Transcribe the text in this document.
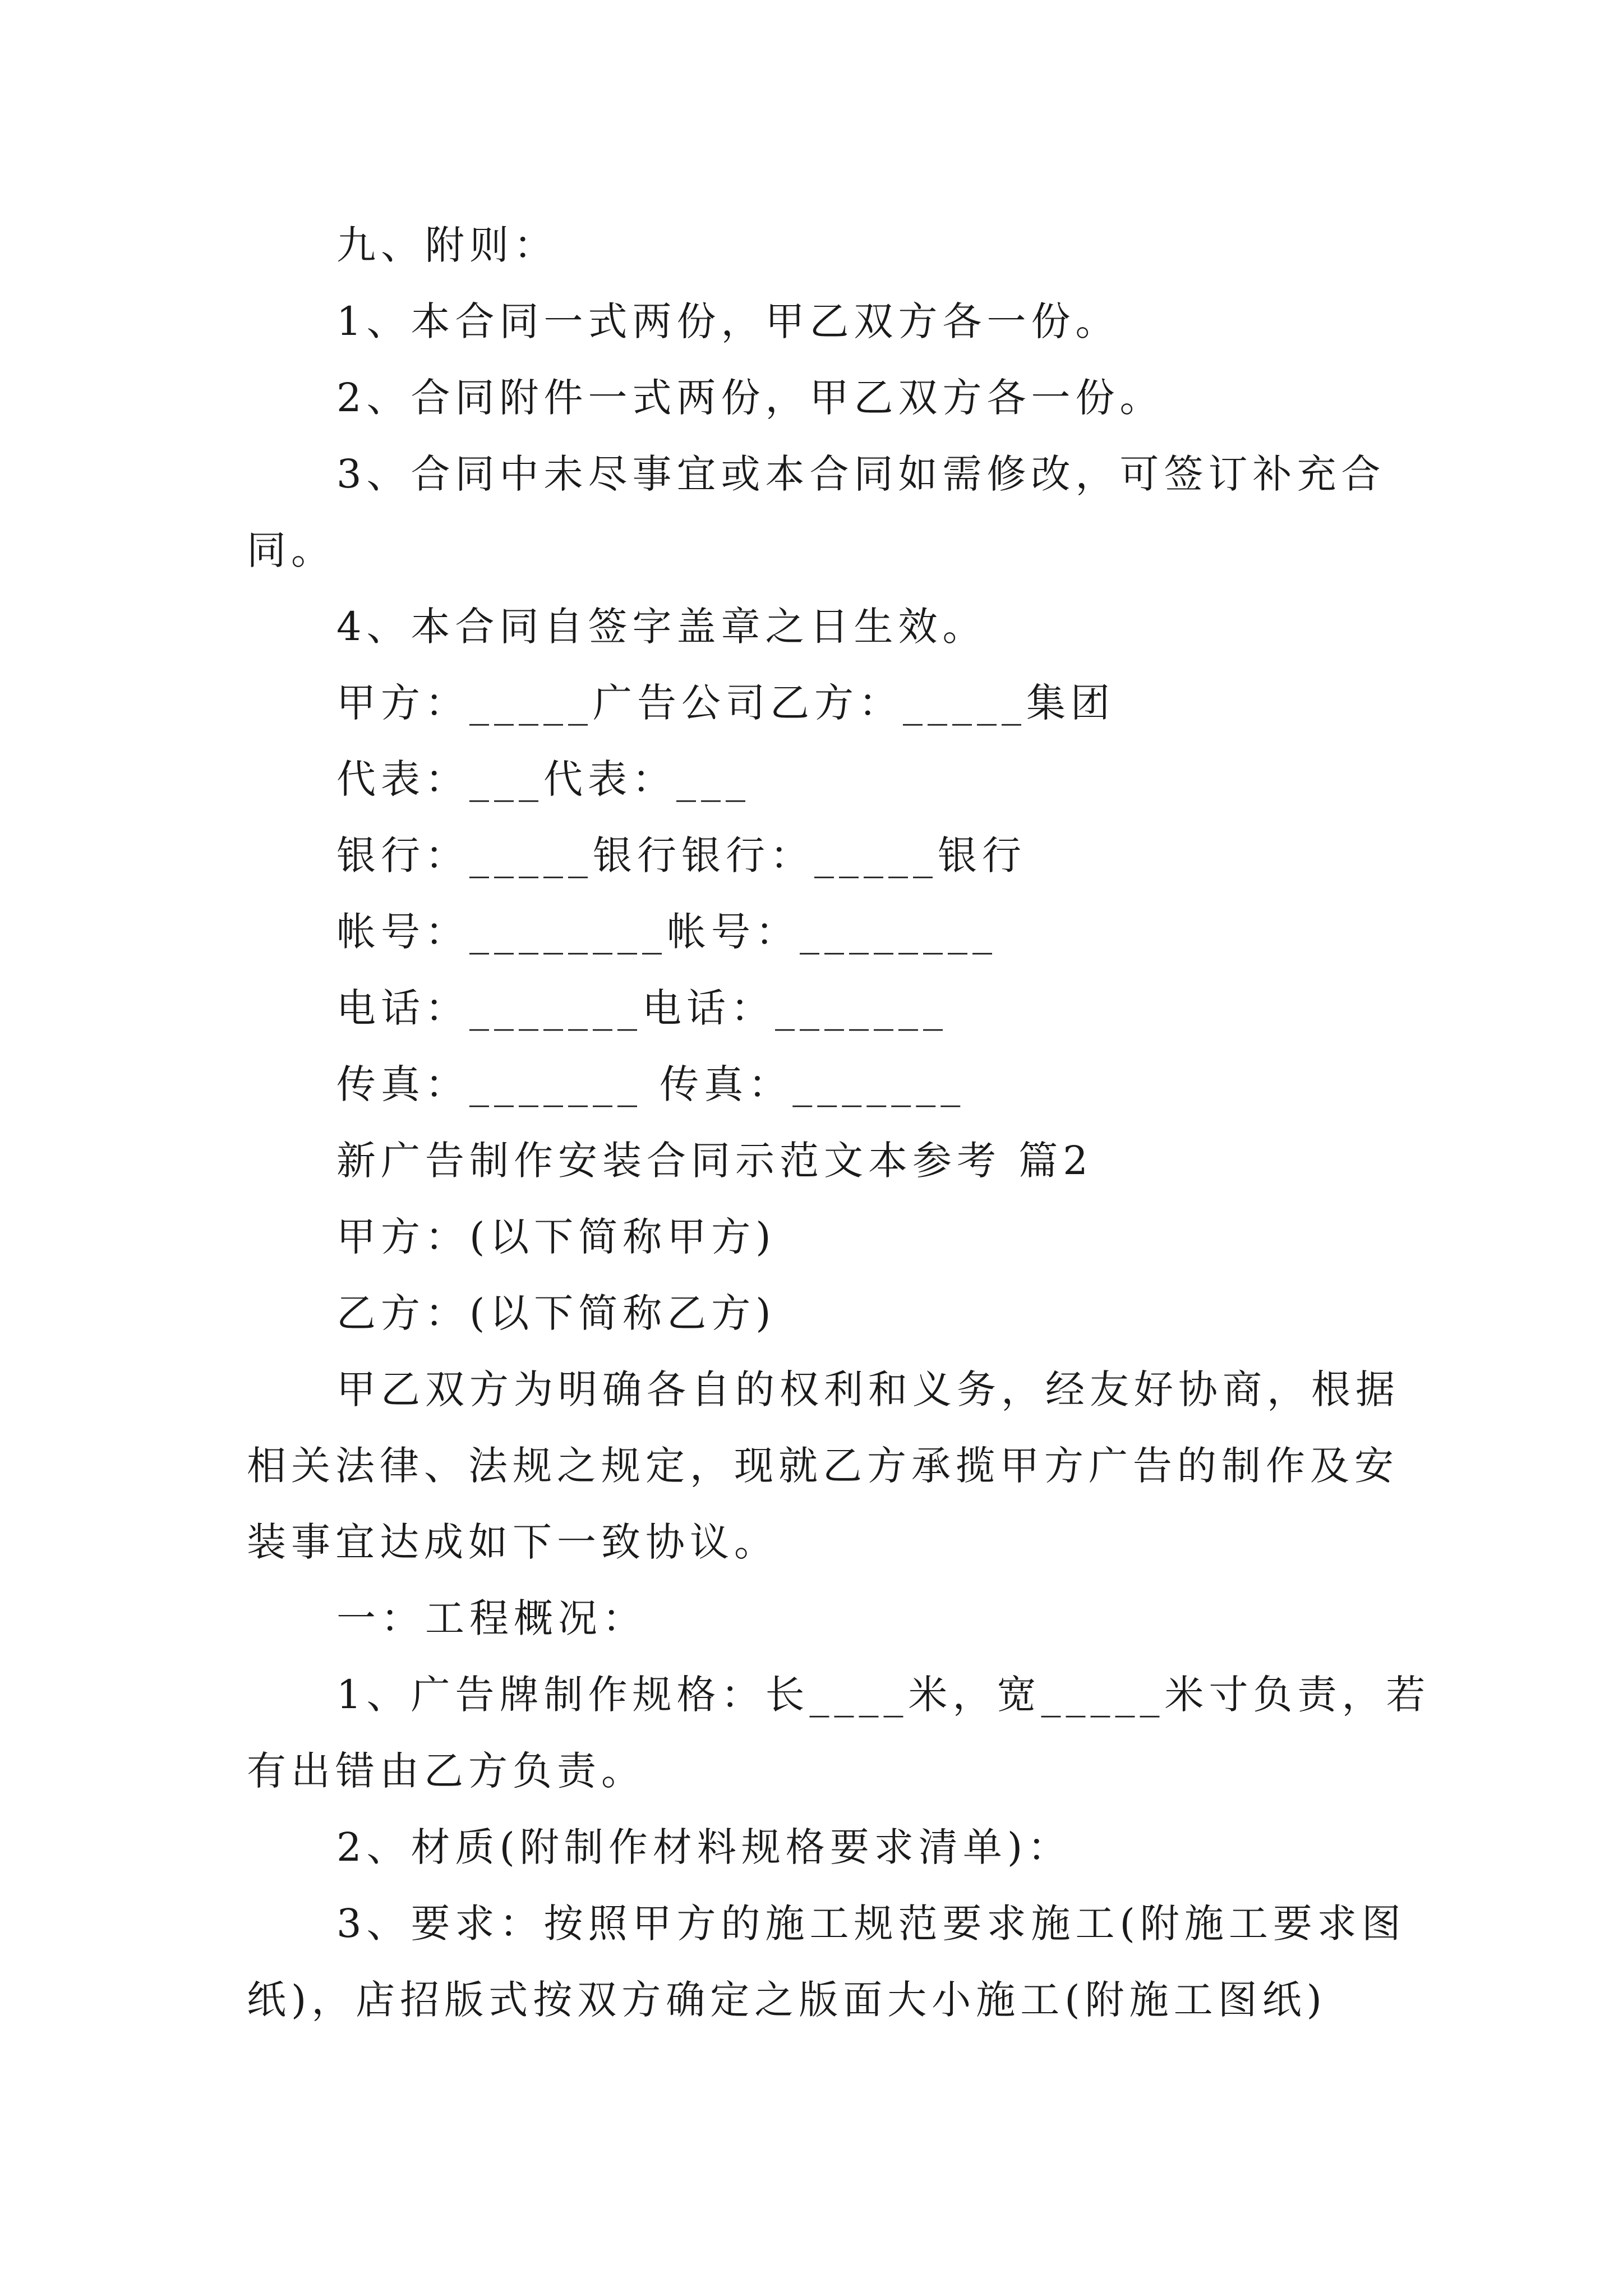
九、附则：
1、本合同一式两份，甲乙双方各一份。
2、合同附件一式两份，甲乙双方各一份。
3、合同中未尽事宜或本合同如需修改，可签订补充合
同。
4、本合同自签字盖章之日生效。
甲方：_____广告公司乙方：_____集团
代表：___代表：___
银行：_____银行银行：_____银行
帐号：________帐号：________
电话：_______电话：_______
传真：_______ 传真：_______
新广告制作安装合同示范文本参考 篇2
甲方：(以下简称甲方)
乙方：(以下简称乙方)
甲乙双方为明确各自的权利和义务，经友好协商，根据
相关法律、法规之规定，现就乙方承揽甲方广告的制作及安
装事宜达成如下一致协议。
一：工程概况：
1、广告牌制作规格：长____米，宽_____米寸负责，若
有出错由乙方负责。
2、材质(附制作材料规格要求清单)：
3、要求：按照甲方的施工规范要求施工(附施工要求图
纸)，店招版式按双方确定之版面大小施工(附施工图纸)
